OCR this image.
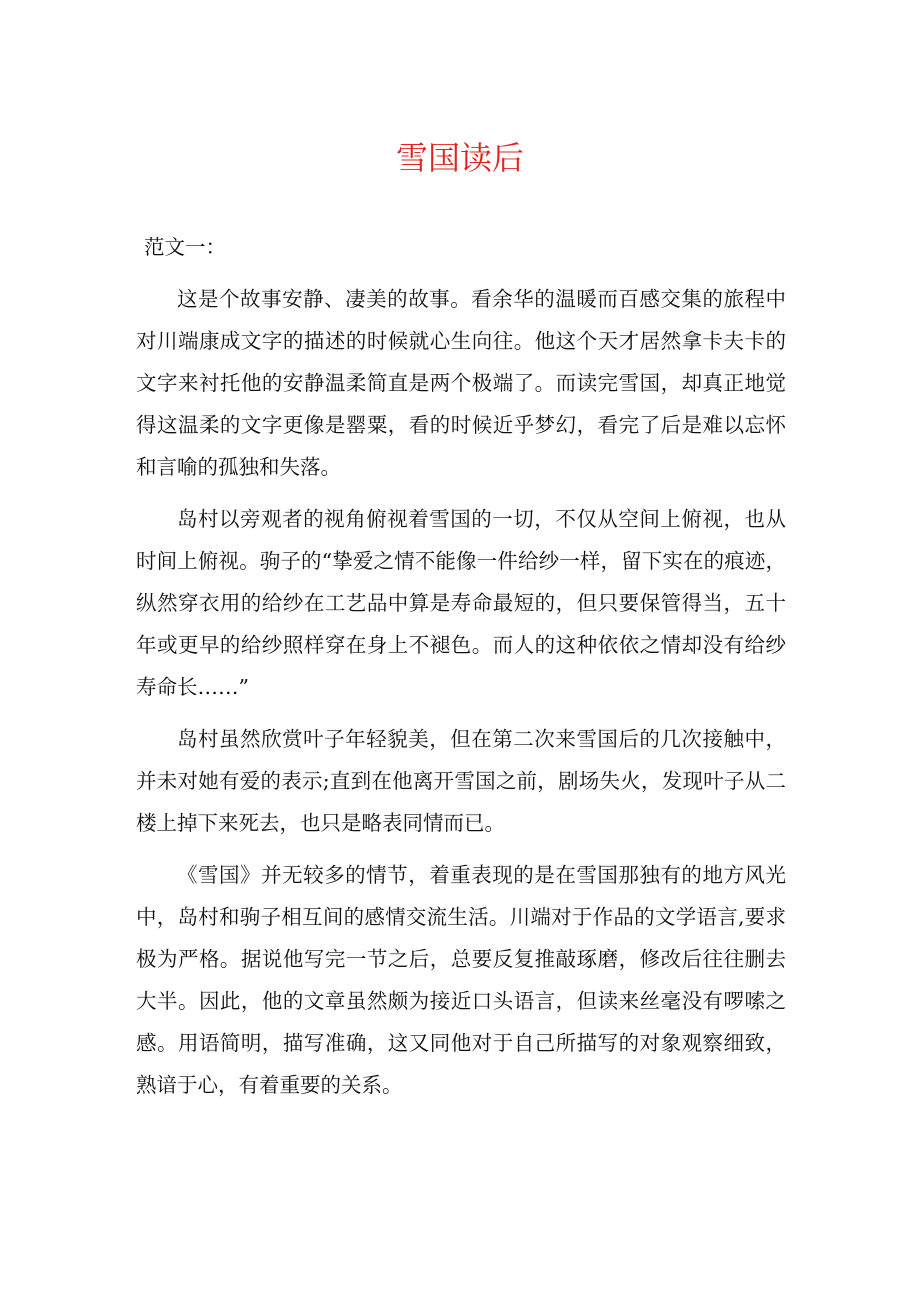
雪国读后
范文一：

这是个故事安静、凄美的故事。看余华的温暖而百感交集的旅程中对川端康成文字的描述的时候就心生向往。他这个天才居然拿卡夫卡的文字来衬托他的安静温柔简直是两个极端了。而读完雪国，却真正地觉得这温柔的文字更像是罂粟，看的时候近乎梦幻，看完了后是难以忘怀和言喻的孤独和失落。

岛村以旁观者的视角俯视着雪国的一切，不仅从空间上俯视，也从时间上俯视。驹子的“挚爱之情不能像一件给纱一样，留下实在的痕迹，纵然穿衣用的给纱在工艺品中算是寿命最短的，但只要保管得当，五十年或更早的给纱照样穿在身上不褪色。而人的这种依依之情却没有给纱寿命长……”

岛村虽然欣赏叶子年轻貌美，但在第二次来雪国后的几次接触中，并未对她有爱的表示;直到在他离开雪国之前，剧场失火，发现叶子从二楼上掉下来死去，也只是略表同情而已。

《雪国》并无较多的情节，着重表现的是在雪国那独有的地方风光中，岛村和驹子相互间的感情交流生活。川端对于作品的文学语言,要求极为严格。据说他写完一节之后，总要反复推敲琢磨，修改后往往删去大半。因此，他的文章虽然颇为接近口头语言，但读来丝毫没有啰嗦之感。用语简明，描写准确，这又同他对于自己所描写的对象观察细致，熟谙于心，有着重要的关系。
